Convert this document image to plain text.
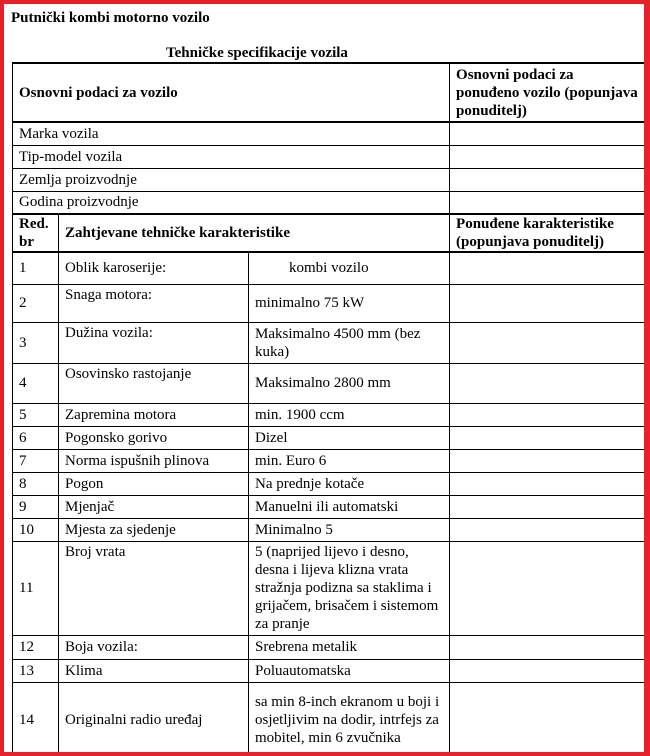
Putnički kombi motorno vozilo
Tehničke specifikacije vozila
Osnovni podaci za vozilo			Osnovni podaci za ponuđeno vozilo (popunjava ponuditelj)
Marka vozila			
Tip-model vozila			
Zemlja proizvodnje			
Godina proizvodnje			
Red. br	Zahtjevane tehničke karakteristike		Ponuđene karakteristike (popunjava ponuditelj)
1	Oblik karoserije:	kombi vozilo	
2	Snaga motora:	minimalno 75 kW	
3	Dužina vozila:	Maksimalno 4500 mm (bez kuka)	
4	Osovinsko rastojanje	Maksimalno 2800 mm	
5	Zapremina motora	min. 1900 ccm	
6	Pogonsko gorivo	Dizel	
7	Norma ispušnih plinova	min. Euro 6	
8	Pogon	Na prednje kotače	
9	Mjenjač	Manuelni ili automatski	
10	Mjesta za sjedenje	Minimalno 5	
11	Broj vrata	5 (naprijed lijevo i desno, desna i lijeva klizna vrata stražnja podizna sa staklima i grijačem, brisačem i sistemom za pranje	
12	Boja vozila:	Srebrena metalik	
13	Klima	Poluautomatska	
14	Originalni radio uređaj	sa min 8-inch ekranom u boji i osjetljivim na dodir, intrfejs za mobitel, min 6 zvučnika	
